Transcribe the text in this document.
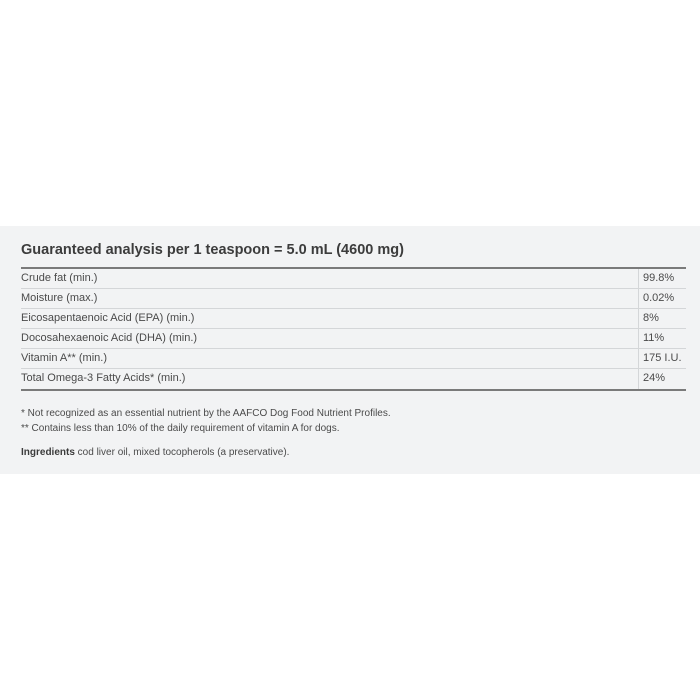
Guaranteed analysis per 1 teaspoon = 5.0 mL (4600 mg)
Crude fat (min.)	99.8%
Moisture (max.)	0.02%
Eicosapentaenoic Acid (EPA) (min.)	8%
Docosahexaenoic Acid (DHA) (min.)	11%
Vitamin A** (min.)	175 I.U.
Total Omega-3 Fatty Acids* (min.)	24%
* Not recognized as an essential nutrient by the AAFCO Dog Food Nutrient Profiles.
** Contains less than 10% of the daily requirement of vitamin A for dogs.
Ingredients cod liver oil, mixed tocopherols (a preservative).
